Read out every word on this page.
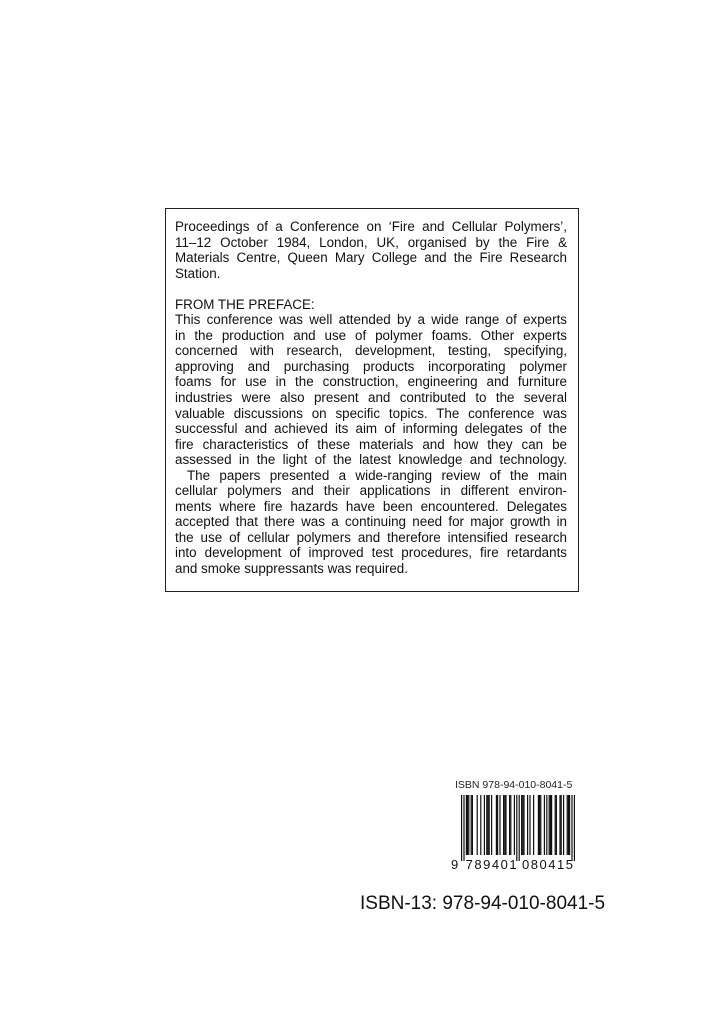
Proceedings of a Conference on ‘Fire and Cellular Polymers’,
11–12 October 1984, London, UK, organised by the Fire &
Materials Centre, Queen Mary College and the Fire Research
Station.
FROM THE PREFACE:
This conference was well attended by a wide range of experts
in the production and use of polymer foams. Other experts
concerned with research, development, testing, specifying,
approving and purchasing products incorporating polymer
foams for use in the construction, engineering and furniture
industries were also present and contributed to the several
valuable discussions on specific topics. The conference was
successful and achieved its aim of informing delegates of the
fire characteristics of these materials and how they can be
assessed in the light of the latest knowledge and technology.
The papers presented a wide-ranging review of the main
cellular polymers and their applications in different environ-
ments where fire hazards have been encountered. Delegates
accepted that there was a continuing need for major growth in
the use of cellular polymers and therefore intensified research
into development of improved test procedures, fire retardants
and smoke suppressants was required.
ISBN 978-94-010-8041-5
9 789401 080415
ISBN-13: 978-94-010-8041-5
